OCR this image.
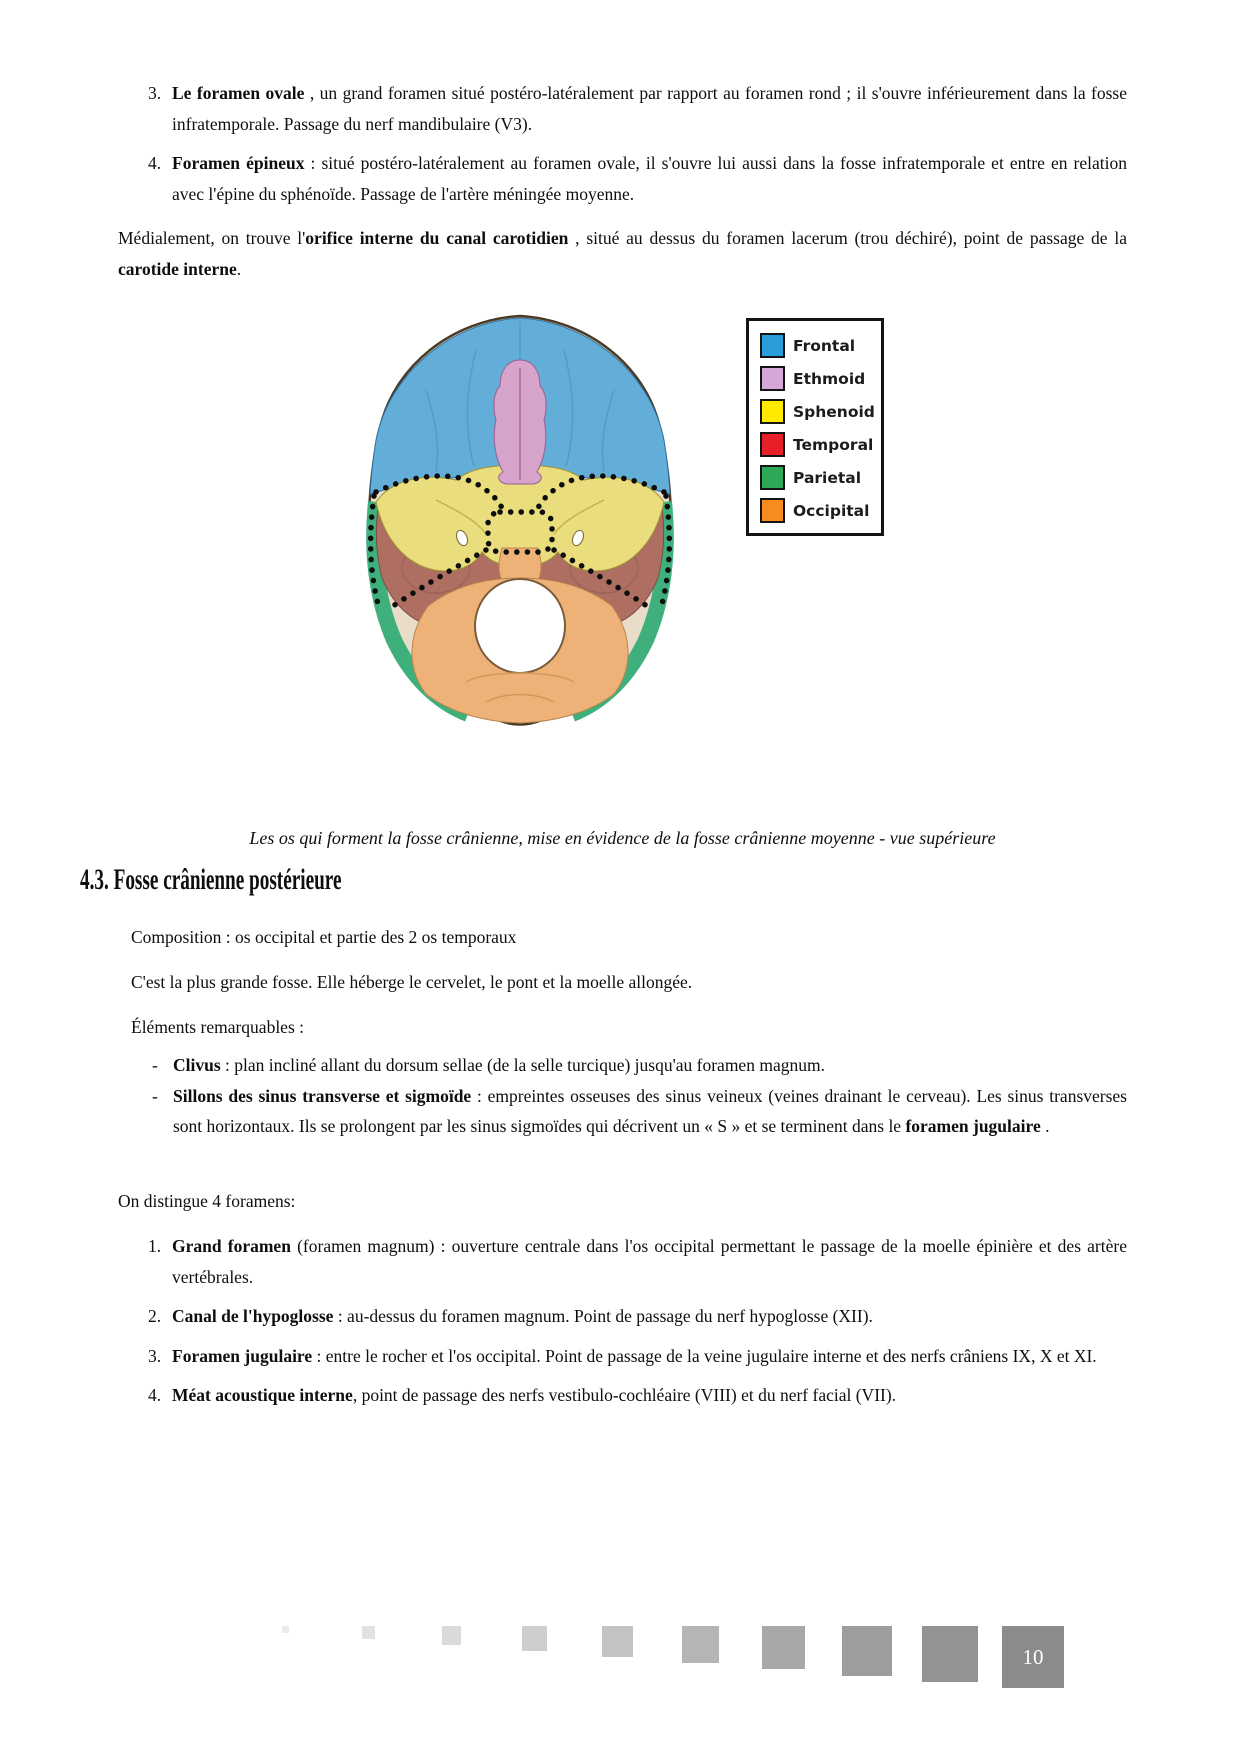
3. Le foramen ovale , un grand foramen situé postéro-latéralement par rapport au foramen rond ; il s'ouvre inférieurement dans la fosse infratemporale. Passage du nerf mandibulaire (V3).
4. Foramen épineux : situé postéro-latéralement au foramen ovale, il s'ouvre lui aussi dans la fosse infratemporale et entre en relation avec l'épine du sphénoïde. Passage de l'artère méningée moyenne.
Médialement, on trouve l'orifice interne du canal carotidien , situé au dessus du foramen lacerum (trou déchiré), point de passage de la carotide interne.
Frontal
Ethmoid
Sphenoid
Temporal
Parietal
Occipital
Les os qui forment la fosse crânienne, mise en évidence de la fosse crânienne moyenne - vue supérieure
4.3. Fosse crânienne postérieure
Composition : os occipital et partie des 2 os temporaux
C'est la plus grande fosse. Elle héberge le cervelet, le pont et la moelle allongée.
Éléments remarquables :
- Clivus : plan incliné allant du dorsum sellae (de la selle turcique) jusqu'au foramen magnum.
- Sillons des sinus transverse et sigmoïde : empreintes osseuses des sinus veineux (veines drainant le cerveau). Les sinus transverses sont horizontaux. Ils se prolongent par les sinus sigmoïdes qui décrivent un « S » et se terminent dans le foramen jugulaire .
On distingue 4 foramens:
1. Grand foramen (foramen magnum) : ouverture centrale dans l'os occipital permettant le passage de la moelle épinière et des artère vertébrales.
2. Canal de l'hypoglosse : au-dessus du foramen magnum. Point de passage du nerf hypoglosse (XII).
3. Foramen jugulaire : entre le rocher et l'os occipital. Point de passage de la veine jugulaire interne et des nerfs crâniens IX, X et XI.
4. Méat acoustique interne, point de passage des nerfs vestibulo-cochléaire (VIII) et du nerf facial (VII).
10
